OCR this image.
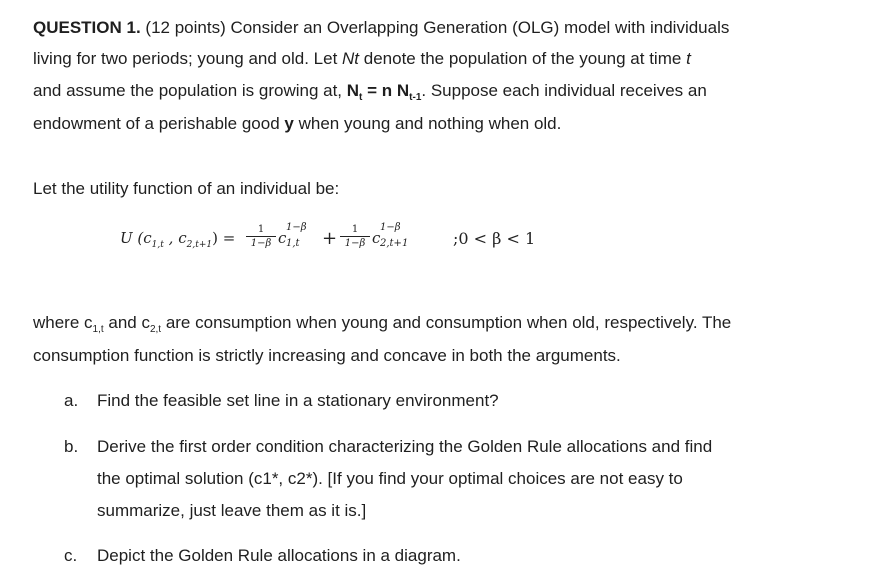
QUESTION 1. (12 points) Consider an Overlapping Generation (OLG) model with individuals
living for two periods; young and old. Let Nt denote the population of the young at time t
and assume the population is growing at, $N_t = n$ $N_{t-1}$. Suppose each individual receives an
endowment of a perishable good y when young and nothing when old.
Let the utility function of an individual be:
U ($c_{1,t}$ , $c_{2,t+1}$) =	1
1−β c
1−β
1,t +	1
1−β c
1−β
2,t+1	;0 < β < 1
where $c_{1,t}$ and $c_{2,t}$ are consumption when young and consumption when old, respectively. The
consumption function is strictly increasing and concave in both the arguments.
a. Find the feasible set line in a stationary environment?
b. Derive the first order condition characterizing the Golden Rule allocations and find
the optimal solution (c1*, c2*). [If you find your optimal choices are not easy to
summarize, just leave them as it is.]
c. Depict the Golden Rule allocations in a diagram.
